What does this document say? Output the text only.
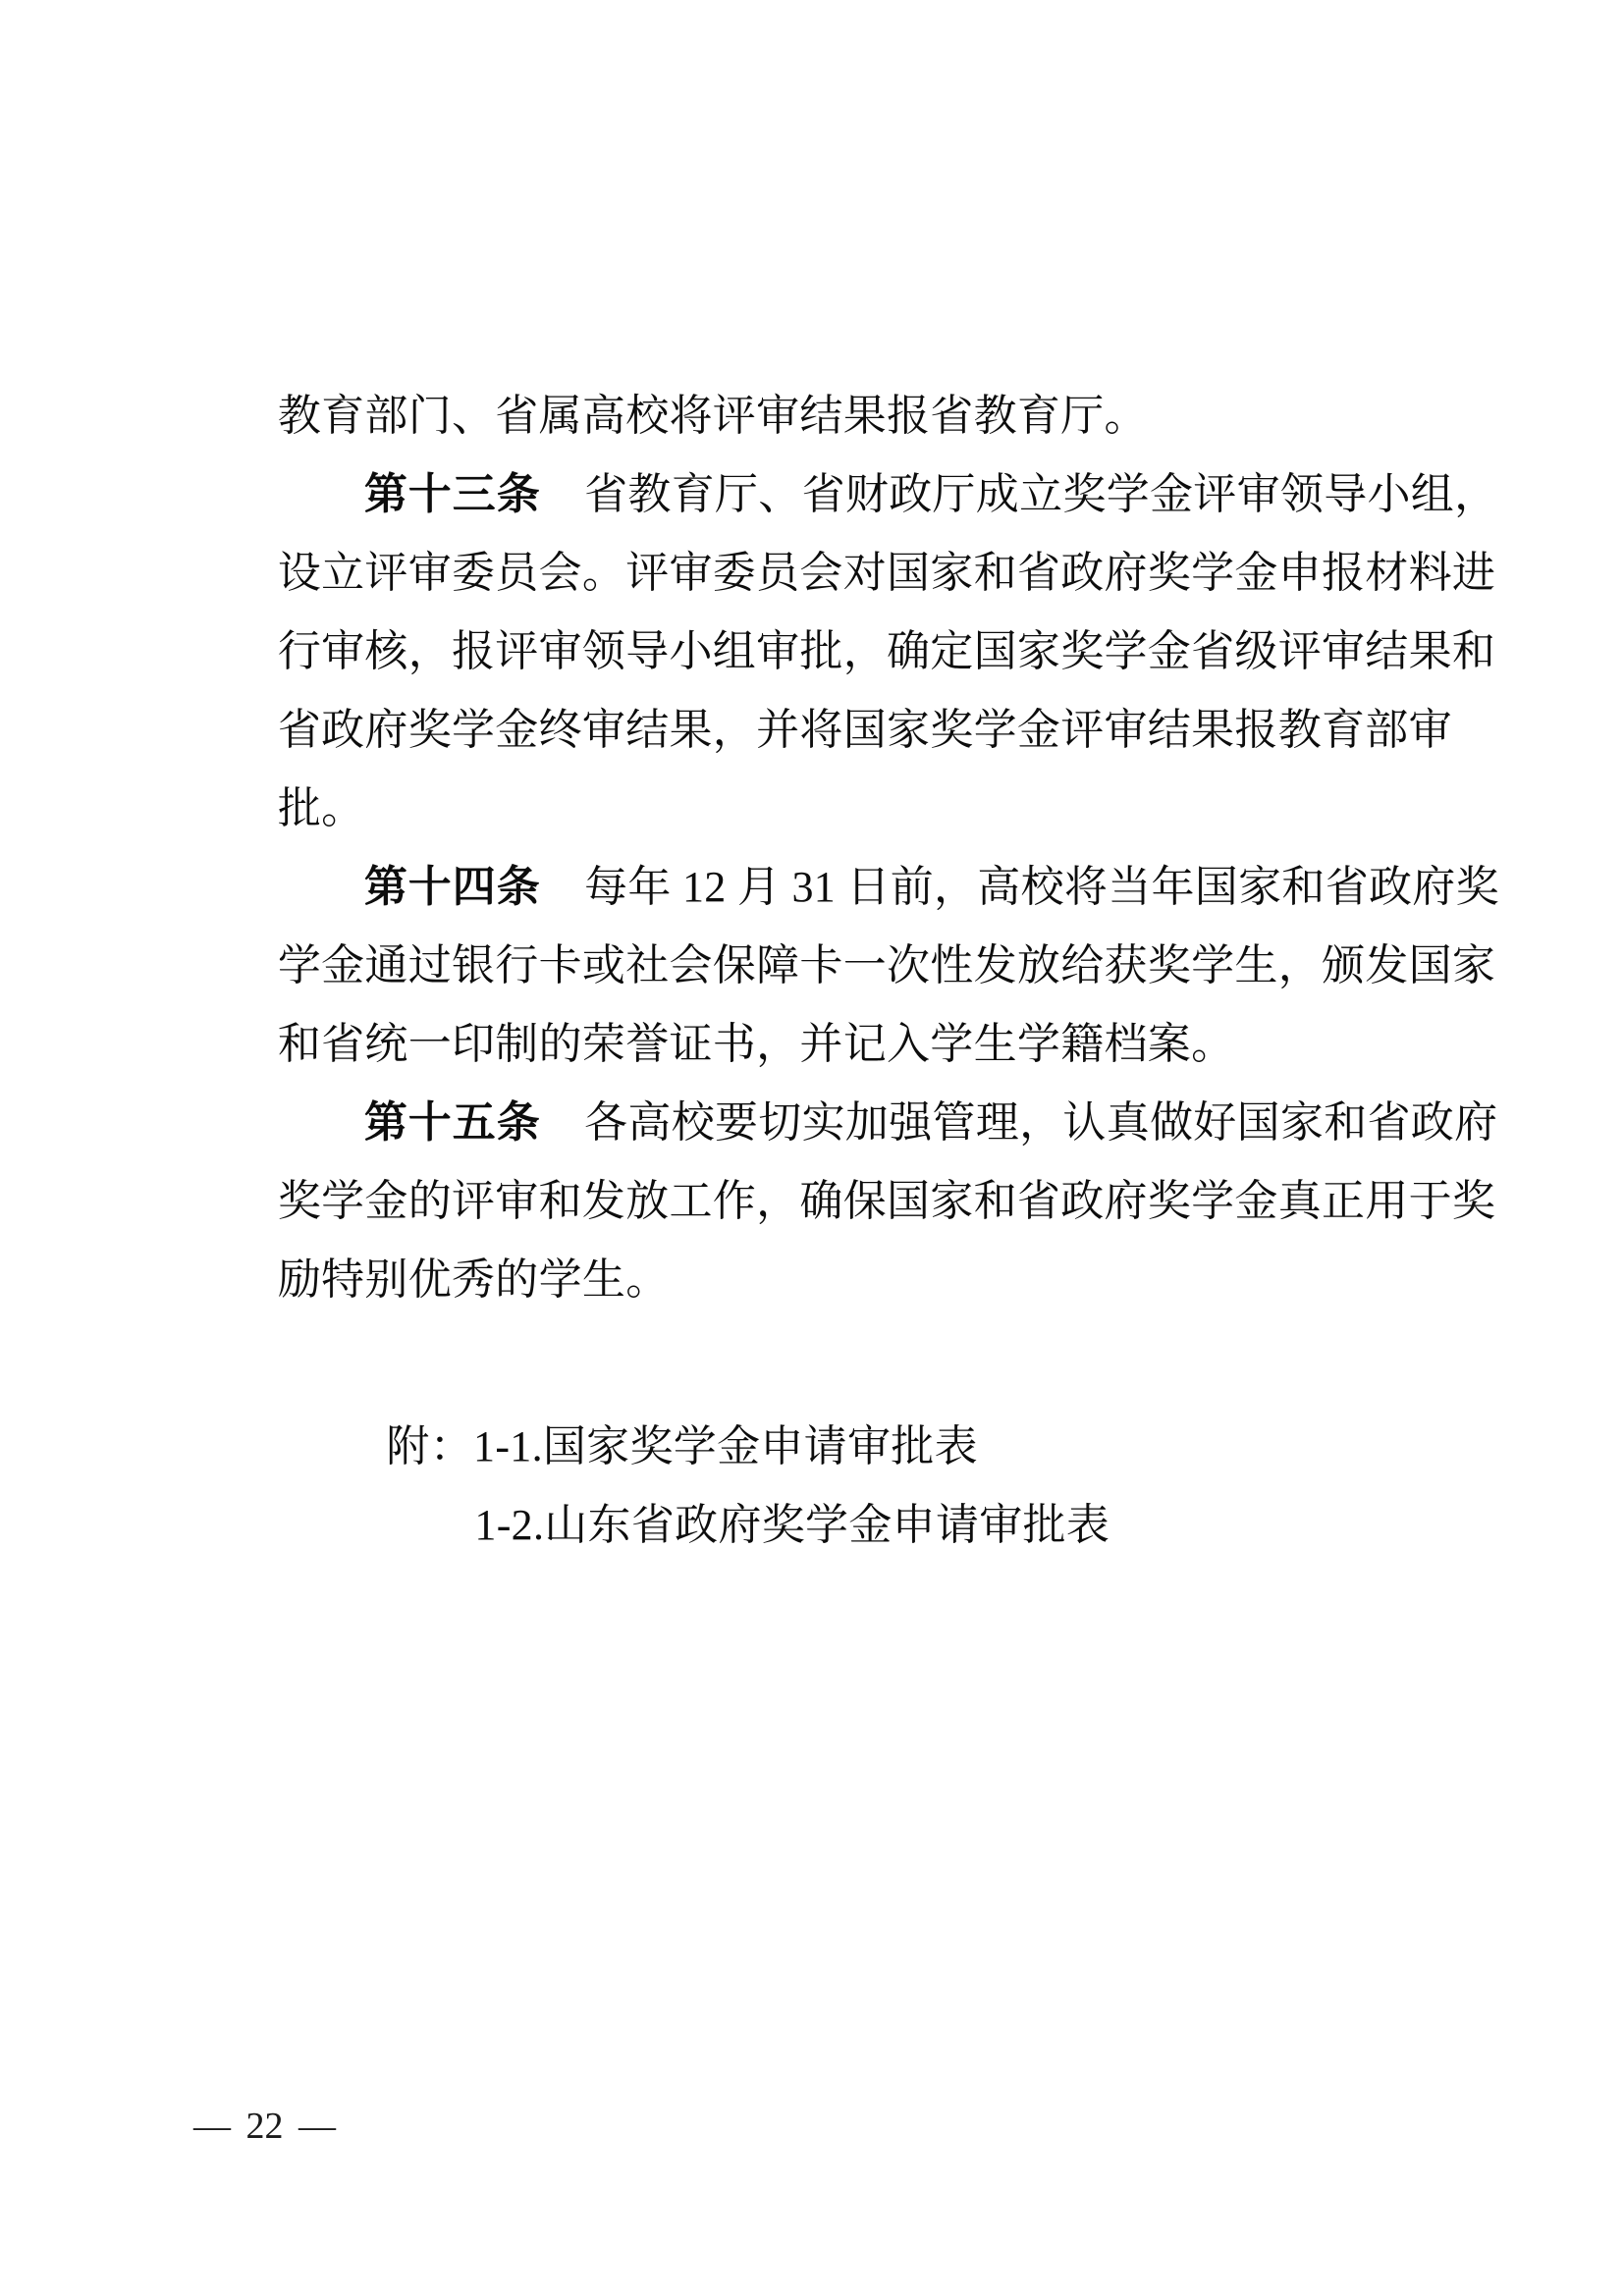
教育部门、省属高校将评审结果报省教育厅。

第十三条　省教育厅、省财政厅成立奖学金评审领导小组，

设立评审委员会。评审委员会对国家和省政府奖学金申报材料进

行审核，报评审领导小组审批，确定国家奖学金省级评审结果和

省政府奖学金终审结果，并将国家奖学金评审结果报教育部审

批。

第十四条　每年 12 月 31 日前，高校将当年国家和省政府奖

学金通过银行卡或社会保障卡一次性发放给获奖学生，颁发国家

和省统一印制的荣誉证书，并记入学生学籍档案。

第十五条　各高校要切实加强管理，认真做好国家和省政府

奖学金的评审和发放工作，确保国家和省政府奖学金真正用于奖

励特别优秀的学生。

附：1-1.国家奖学金申请审批表

1-2.山东省政府奖学金申请审批表

— 22 —
